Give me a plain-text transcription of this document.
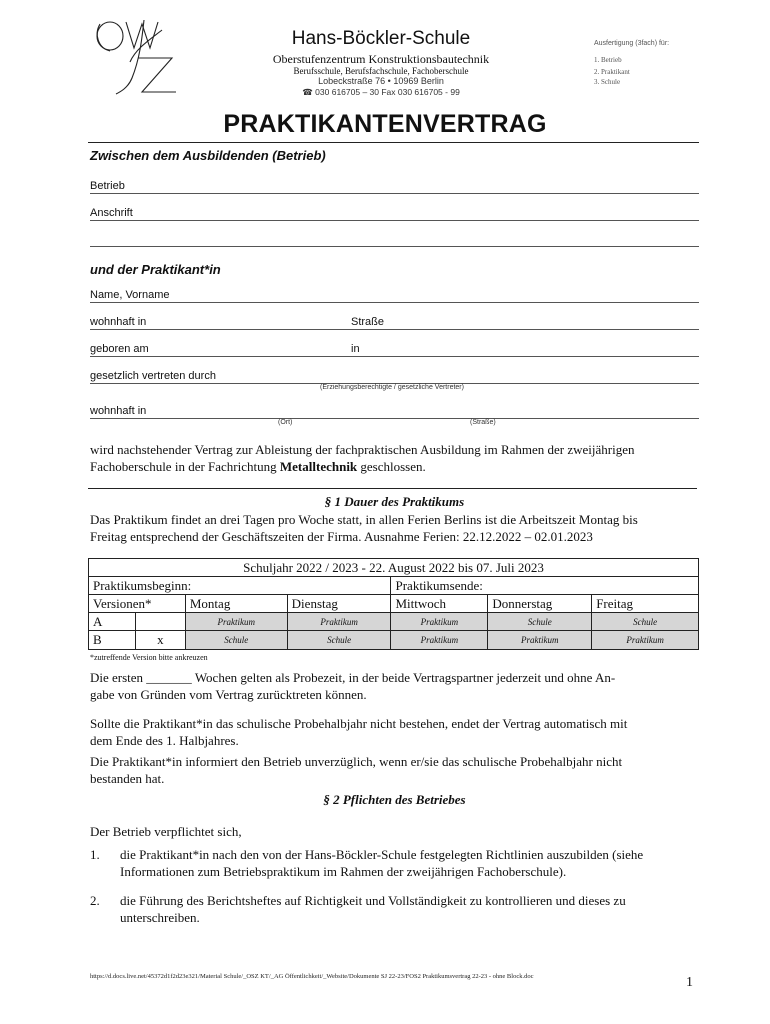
Hans-Böckler-Schule
Oberstufenzentrum Konstruktionsbautechnik
Berufsschule, Berufsfachschule, Fachoberschule
Lobeckstraße 76 • 10969 Berlin
☎ 030 616705 – 30 Fax 030 616705 - 99
Ausfertigung (3fach) für:
1. Betrieb
2. Praktikant
3. Schule
PRAKTIKANTENVERTRAG
Zwischen dem Ausbildenden (Betrieb)
Betrieb
Anschrift
und der Praktikant*in
Name, Vorname
wohnhaft in	Straße
geboren am	in
gesetzlich vertreten durch
(Erziehungsberechtigte / gesetzliche Vertreter)
wohnhaft in
(Ort)	(Straße)
wird nachstehender Vertrag zur Ableistung der fachpraktischen Ausbildung im Rahmen der zweijährigen
Fachoberschule in der Fachrichtung Metalltechnik geschlossen.
§ 1 Dauer des Praktikums
Das Praktikum findet an drei Tagen pro Woche statt, in allen Ferien Berlins ist die Arbeitszeit Montag bis
Freitag entsprechend der Geschäftszeiten der Firma. Ausnahme Ferien: 22.12.2022 – 02.01.2023
Schuljahr 2022 / 2023 - 22. August 2022 bis 07. Juli 2023						
Praktikumsbeginn:				Praktikumsende:		
Versionen*		Montag	Dienstag	Mittwoch	Donnerstag	Freitag
A		Praktikum	Praktikum	Praktikum	Schule	Schule
B	x	Schule	Schule	Praktikum	Praktikum	Praktikum
*zutreffende Version bitte ankreuzen
Die ersten _______ Wochen gelten als Probezeit, in der beide Vertragspartner jederzeit und ohne An-
gabe von Gründen vom Vertrag zurücktreten können.
Sollte die Praktikant*in das schulische Probehalbjahr nicht bestehen, endet der Vertrag automatisch mit
dem Ende des 1. Halbjahres.
Die Praktikant*in informiert den Betrieb unverzüglich, wenn er/sie das schulische Probehalbjahr nicht
bestanden hat.
§ 2 Pflichten des Betriebes
Der Betrieb verpflichtet sich,
1. die Praktikant*in nach den von der Hans-Böckler-Schule festgelegten Richtlinien auszubilden (siehe
Informationen zum Betriebspraktikum im Rahmen der zweijährigen Fachoberschule).
2. die Führung des Berichtsheftes auf Richtigkeit und Vollständigkeit zu kontrollieren und dieses zu
unterschreiben.
https://d.docs.live.net/45372d1f2d23e321/Material Schule/_OSZ KT/_AG Öffentlichkeit/_Website/Dokumente SJ 22-23/FOS2 Praktikumsvertrag 22-23 - ohne Block.doc	1
